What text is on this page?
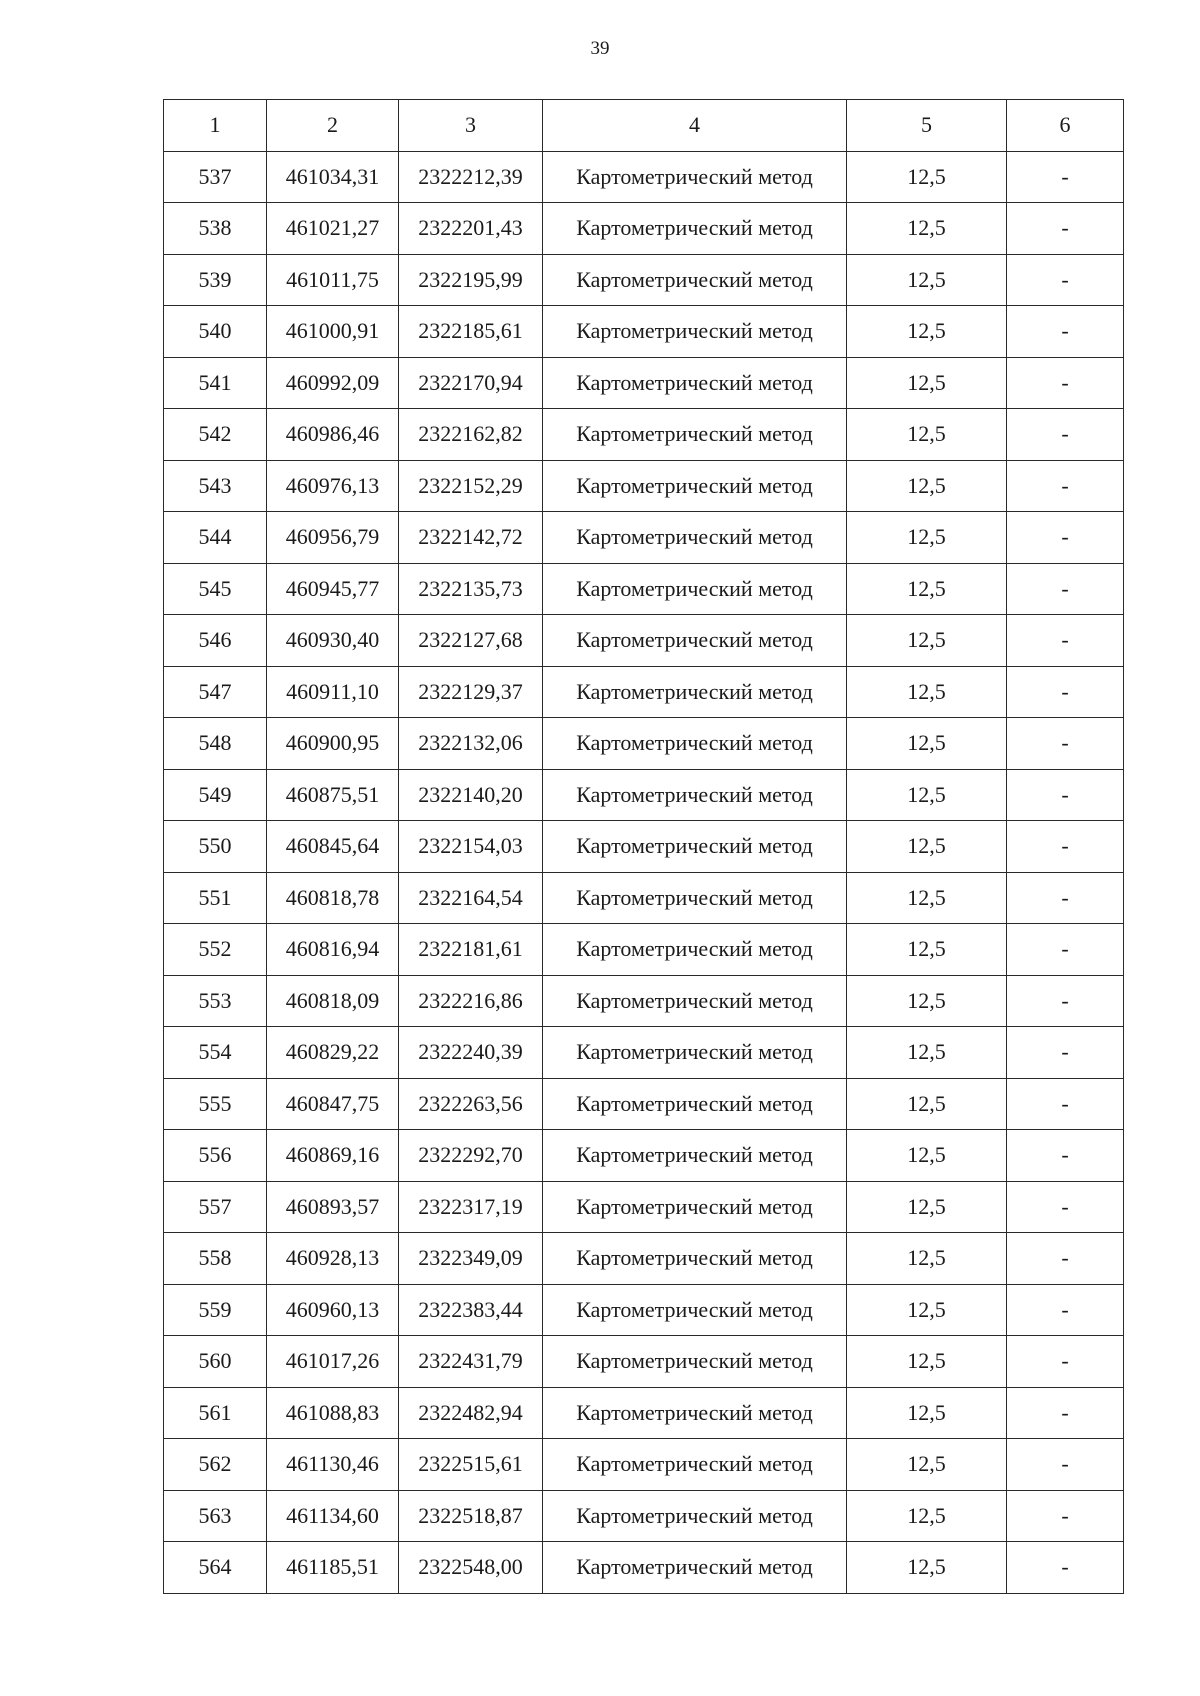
39
1	2	3	4	5	6
537	461034,31	2322212,39	Картометрический метод	12,5	-
538	461021,27	2322201,43	Картометрический метод	12,5	-
539	461011,75	2322195,99	Картометрический метод	12,5	-
540	461000,91	2322185,61	Картометрический метод	12,5	-
541	460992,09	2322170,94	Картометрический метод	12,5	-
542	460986,46	2322162,82	Картометрический метод	12,5	-
543	460976,13	2322152,29	Картометрический метод	12,5	-
544	460956,79	2322142,72	Картометрический метод	12,5	-
545	460945,77	2322135,73	Картометрический метод	12,5	-
546	460930,40	2322127,68	Картометрический метод	12,5	-
547	460911,10	2322129,37	Картометрический метод	12,5	-
548	460900,95	2322132,06	Картометрический метод	12,5	-
549	460875,51	2322140,20	Картометрический метод	12,5	-
550	460845,64	2322154,03	Картометрический метод	12,5	-
551	460818,78	2322164,54	Картометрический метод	12,5	-
552	460816,94	2322181,61	Картометрический метод	12,5	-
553	460818,09	2322216,86	Картометрический метод	12,5	-
554	460829,22	2322240,39	Картометрический метод	12,5	-
555	460847,75	2322263,56	Картометрический метод	12,5	-
556	460869,16	2322292,70	Картометрический метод	12,5	-
557	460893,57	2322317,19	Картометрический метод	12,5	-
558	460928,13	2322349,09	Картометрический метод	12,5	-
559	460960,13	2322383,44	Картометрический метод	12,5	-
560	461017,26	2322431,79	Картометрический метод	12,5	-
561	461088,83	2322482,94	Картометрический метод	12,5	-
562	461130,46	2322515,61	Картометрический метод	12,5	-
563	461134,60	2322518,87	Картометрический метод	12,5	-
564	461185,51	2322548,00	Картометрический метод	12,5	-
